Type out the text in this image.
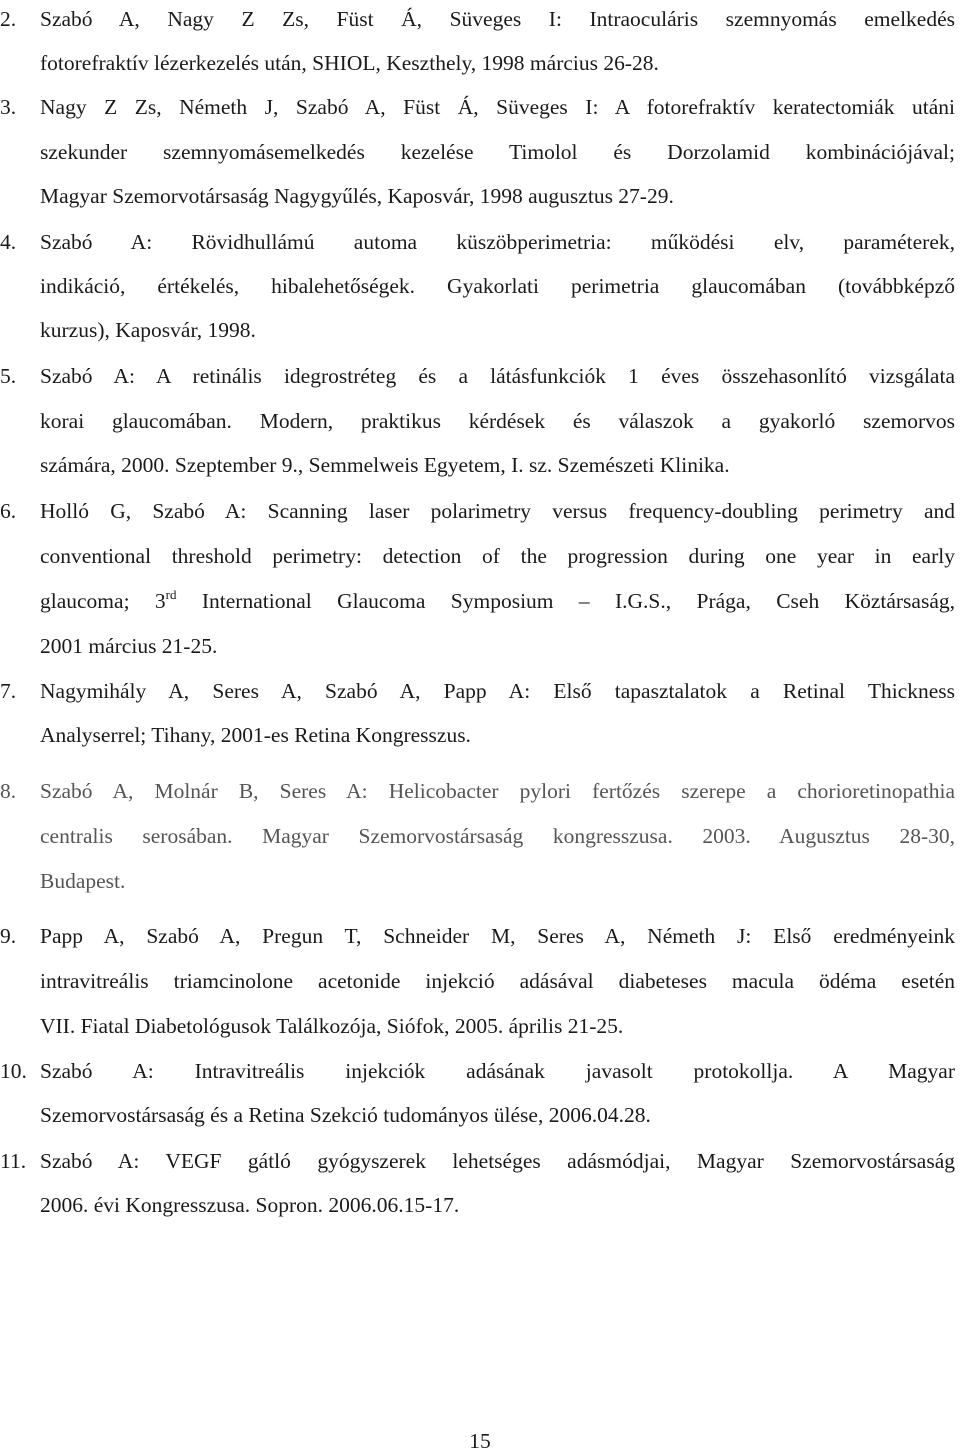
2. Szabó A, Nagy Z Zs, Füst Á, Süveges I: Intraoculáris szemnyomás emelkedés
fotorefraktív lézerkezelés után, SHIOL, Keszthely, 1998 március 26-28.
3. Nagy Z Zs, Németh J, Szabó A, Füst Á, Süveges I: A fotorefraktív keratectomiák utáni
szekunder szemnyomásemelkedés kezelése Timolol és Dorzolamid kombinációjával;
Magyar Szemorvotársaság Nagygyűlés, Kaposvár, 1998 augusztus 27-29.
4. Szabó A: Rövidhullámú automa küszöbperimetria: működési elv, paraméterek,
indikáció, értékelés, hibalehetőségek. Gyakorlati perimetria glaucomában (továbbképző
kurzus), Kaposvár, 1998.
5. Szabó A: A retinális idegrostréteg és a látásfunkciók 1 éves összehasonlító vizsgálata
korai glaucomában. Modern, praktikus kérdések és válaszok a gyakorló szemorvos
számára, 2000. Szeptember 9., Semmelweis Egyetem, I. sz. Szemészeti Klinika.
6. Holló G, Szabó A: Scanning laser polarimetry versus frequency-doubling perimetry and
conventional threshold perimetry: detection of the progression during one year in early
glaucoma; 3rd International Glaucoma Symposium – I.G.S., Prága, Cseh Köztársaság,
2001 március 21-25.
7. Nagymihály A, Seres A, Szabó A, Papp A: Első tapasztalatok a Retinal Thickness
Analyserrel; Tihany, 2001-es Retina Kongresszus.
8. Szabó A, Molnár B, Seres A: Helicobacter pylori fertőzés szerepe a chorioretinopathia
centralis serosában. Magyar Szemorvostársaság kongresszusa. 2003. Augusztus 28-30,
Budapest.
9. Papp A, Szabó A, Pregun T, Schneider M, Seres A, Németh J: Első eredményeink
intravitreális triamcinolone acetonide injekció adásával diabeteses macula ödéma esetén
VII. Fiatal Diabetológusok Találkozója, Siófok, 2005. április 21-25.
10. Szabó A: Intravitreális injekciók adásának javasolt protokollja. A Magyar
Szemorvostársaság és a Retina Szekció tudományos ülése, 2006.04.28.
11. Szabó A: VEGF gátló gyógyszerek lehetséges adásmódjai, Magyar Szemorvostársaság
2006. évi Kongresszusa. Sopron. 2006.06.15-17.
15
